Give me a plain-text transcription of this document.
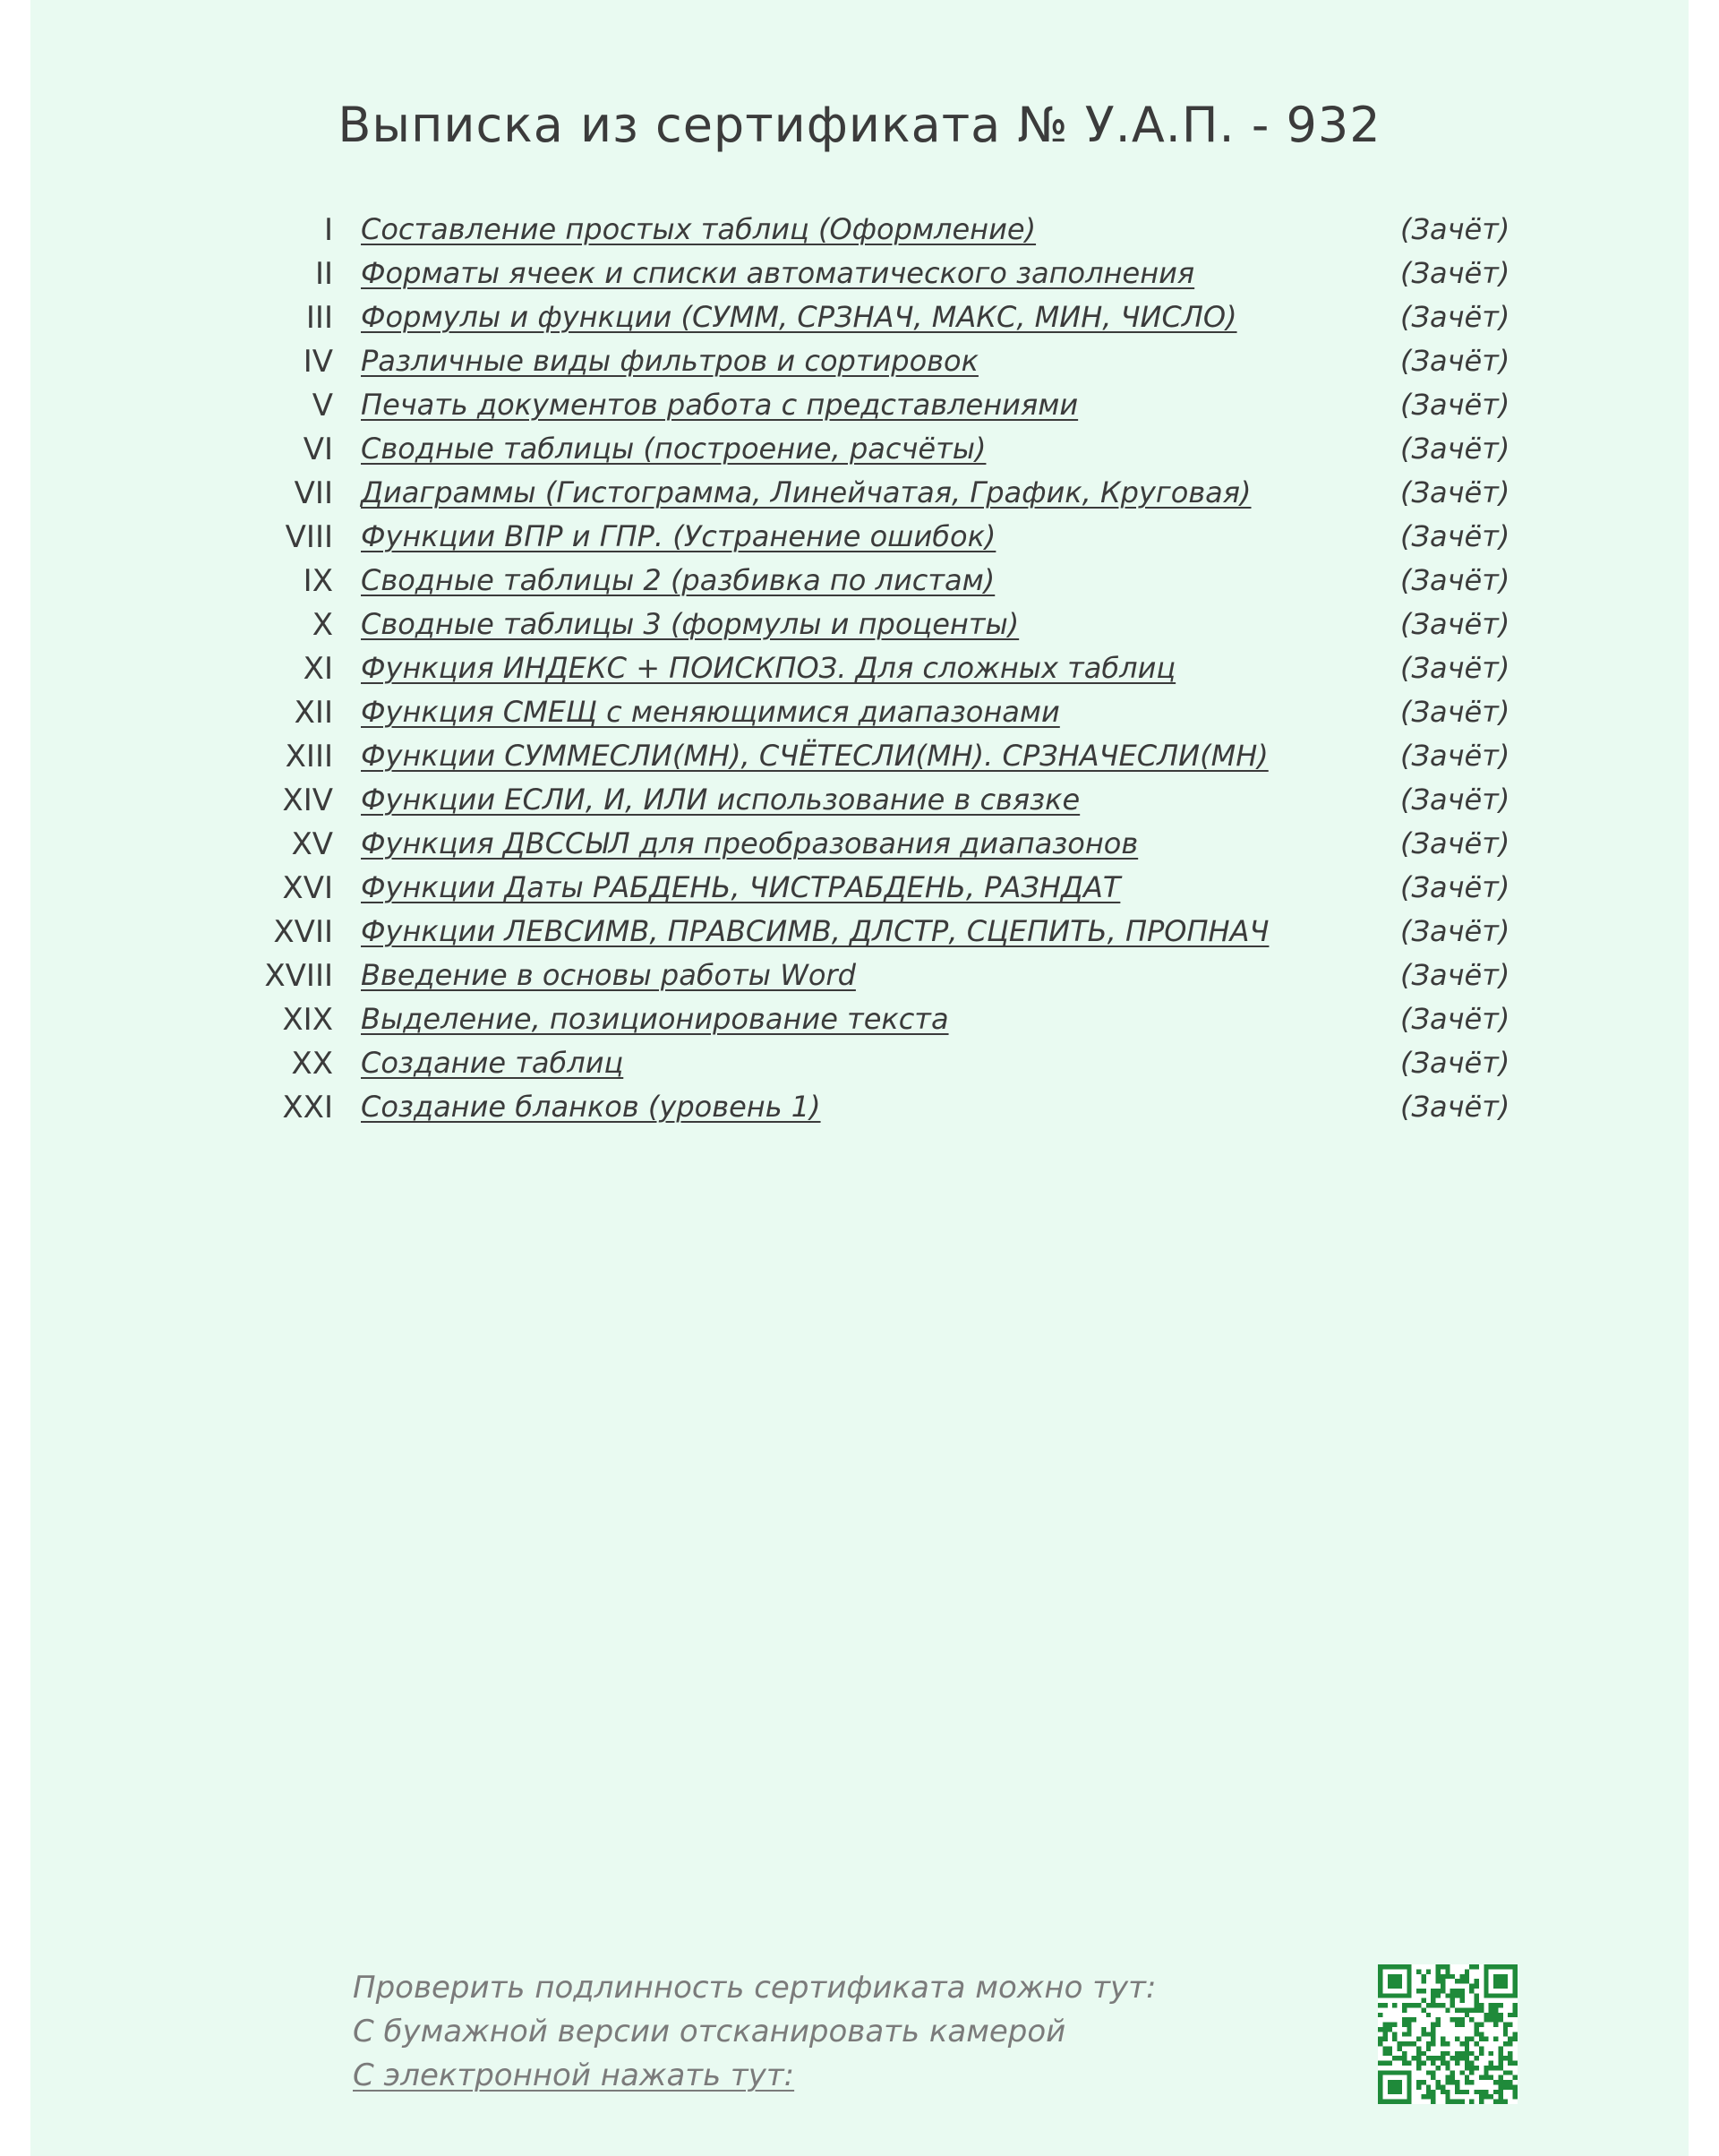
Выписка из сертификата № У.А.П. - 932
I Составление простых таблиц (Оформление)	(Зачёт)
II Форматы ячеек и списки автоматического заполнения	(Зачёт)
III Формулы и функции (СУММ, СРЗНАЧ, МАКС, МИН, ЧИСЛО)	(Зачёт)
IV Различные виды фильтров и сортировок	(Зачёт)
V Печать документов работа с представлениями	(Зачёт)
VI Сводные таблицы (построение, расчёты)	(Зачёт)
VII Диаграммы (Гистограмма, Линейчатая, График, Круговая)	(Зачёт)
VIII Функции ВПР и ГПР. (Устранение ошибок)	(Зачёт)
IX Сводные таблицы 2 (разбивка по листам)	(Зачёт)
X Сводные таблицы 3 (формулы и проценты)	(Зачёт)
XI Функция ИНДЕКС + ПОИСКПОЗ. Для сложных таблиц	(Зачёт)
XII Функция СМЕЩ с меняющимися диапазонами	(Зачёт)
XIII Функции СУММЕСЛИ(МН), СЧЁТЕСЛИ(МН). СРЗНАЧЕСЛИ(МН)	(Зачёт)
XIV Функции ЕСЛИ, И, ИЛИ использование в связке	(Зачёт)
XV Функция ДВССЫЛ для преобразования диапазонов	(Зачёт)
XVI Функции Даты РАБДЕНЬ, ЧИСТРАБДЕНЬ, РАЗНДАТ	(Зачёт)
XVII Функции ЛЕВСИМВ, ПРАВСИМВ, ДЛСТР, СЦЕПИТЬ, ПРОПНАЧ	(Зачёт)
XVIII Введение в основы работы Word	(Зачёт)
XIX Выделение, позиционирование текста	(Зачёт)
XX Создание таблиц	(Зачёт)
XXI Создание бланков (уровень 1)	(Зачёт)
Проверить подлинность сертификата можно тут:
С бумажной версии отсканировать камерой
С электронной нажать тут:
